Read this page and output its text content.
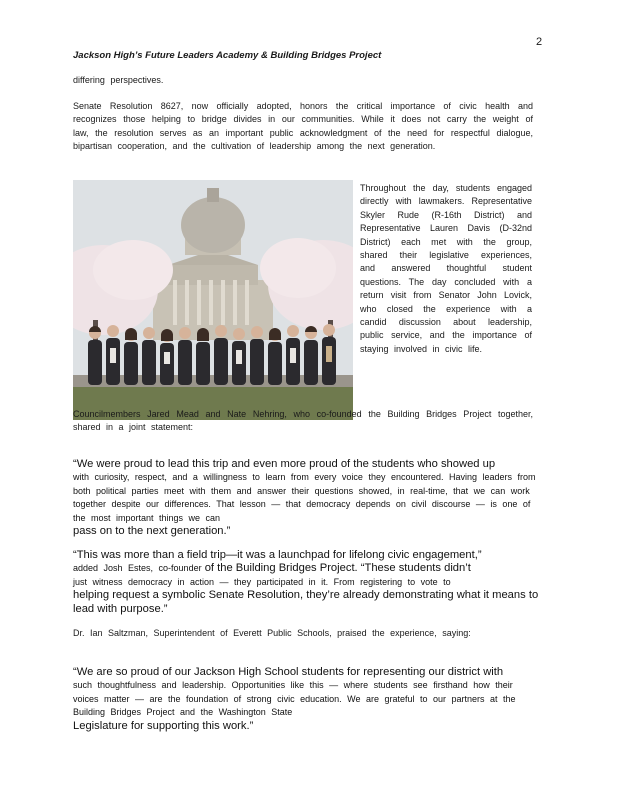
2
Jackson High’s Future Leaders Academy & Building Bridges Project
differing perspectives.
Senate Resolution 8627, now officially adopted, honors the critical importance of civic health and recognizes those helping to bridge divides in our communities. While it does not carry the weight of law, the resolution serves as an important public acknowledgment of the need for respectful dialogue, bipartisan cooperation, and the cultivation of leadership among the next generation.
Throughout the day, students engaged directly with lawmakers. Representative Skyler Rude (R-16th District) and Representative Lauren Davis (D-32nd District) each met with the group, shared their legislative experiences, and answered thoughtful student questions. The day concluded with a return visit from Senator John Lovick, who closed the experience with a candid discussion about leadership, public service, and the importance of staying involved in civic life.
Councilmembers Jared Mead and Nate Nehring, who co-founded the Building Bridges Project together, shared in a joint statement:
“We were proud to lead this trip and even more proud of the students who showed up
with curiosity, respect, and a willingness to learn from every voice they encountered. Having leaders from both political parties meet with them and answer their questions showed, in real-time, that we can work together despite our differences. That lesson — that democracy depends on civil discourse — is one of the most important things we can
pass on to the next generation.”
“This was more than a field trip—it was a launchpad for lifelong civic engagement,”
added Josh Estes, co-founder of the Building Bridges Project. “These students didn’t
just witness democracy in action — they participated in it. From registering to vote to
helping request a symbolic Senate Resolution, they’re already demonstrating what it means to lead with purpose.”
Dr. Ian Saltzman, Superintendent of Everett Public Schools, praised the experience, saying:
“We are so proud of our Jackson High School students for representing our district with
such thoughtfulness and leadership. Opportunities like this — where students see firsthand how their voices matter — are the foundation of strong civic education. We are grateful to our partners at the Building Bridges Project and the Washington State
Legislature for supporting this work.”
